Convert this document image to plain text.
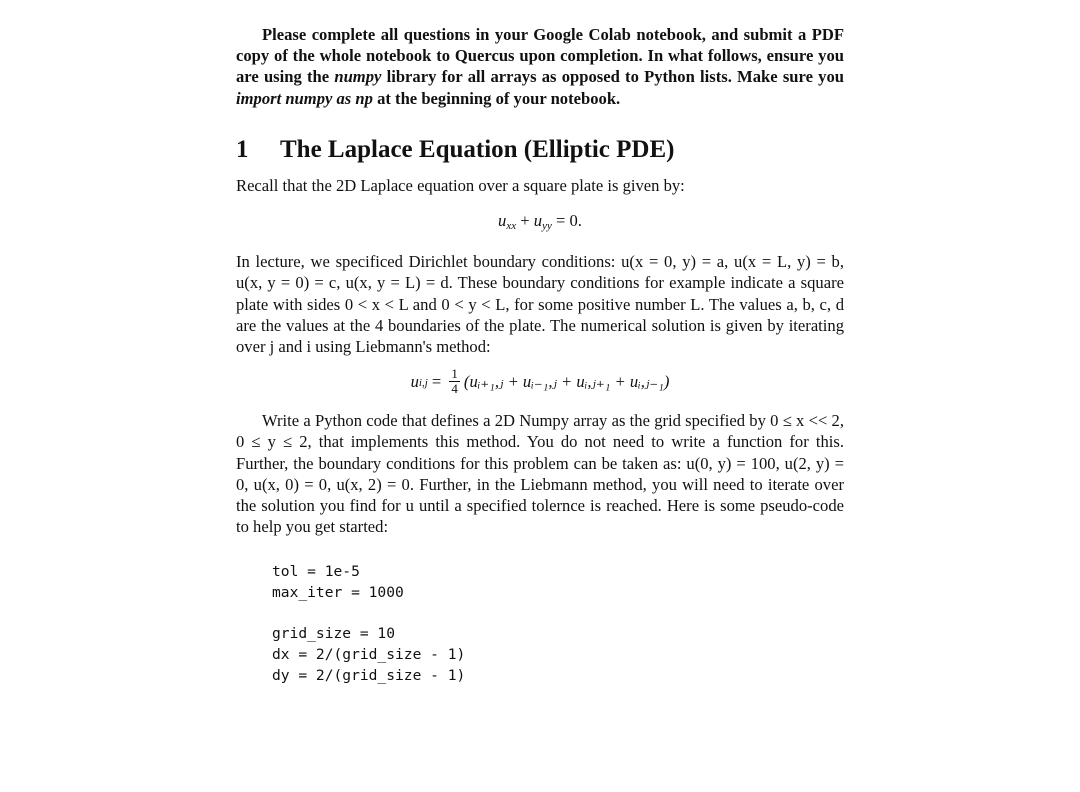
Please complete all questions in your Google Colab notebook, and submit a PDF copy of the whole notebook to Quercus upon completion. In what follows, ensure you are using the numpy library for all arrays as opposed to Python lists. Make sure you import numpy as np at the beginning of your notebook.

1 The Laplace Equation (Elliptic PDE)

Recall that the 2D Laplace equation over a square plate is given by:

uxx + uyy = 0.

In lecture, we specificed Dirichlet boundary conditions: u(x = 0, y) = a, u(x = L, y) = b, u(x, y = 0) = c, u(x, y = L) = d. These boundary conditions for example indicate a square plate with sides 0 < x < L and 0 < y < L, for some positive number L. The values a, b, c, d are the values at the 4 boundaries of the plate. The numerical solution is given by iterating over j and i using Liebmann's method:

u $i,j = \frac{1}{4}$ (uᵢ₊₁,ⱼ + uᵢ₋₁,ⱼ + uᵢ,ⱼ₊₁ + uᵢ,ⱼ₋₁)

Write a Python code that defines a 2D Numpy array as the grid specified by 0 ≤ x << 2, 0 ≤ y ≤ 2, that implements this method. You do not need to write a function for this. Further, the boundary conditions for this problem can be taken as: u(0, y) = 100, u(2, y) = 0, u(x, 0) = 0, u(x, 2) = 0. Further, in the Liebmann method, you will need to iterate over the solution you find for u until a specified tolernce is reached. Here is some pseudo-code to help you get started:

tol = 1e-5
max_iter = 1000
grid_size = 10
dx = 2/(grid_size - 1)
dy = 2/(grid_size - 1)
